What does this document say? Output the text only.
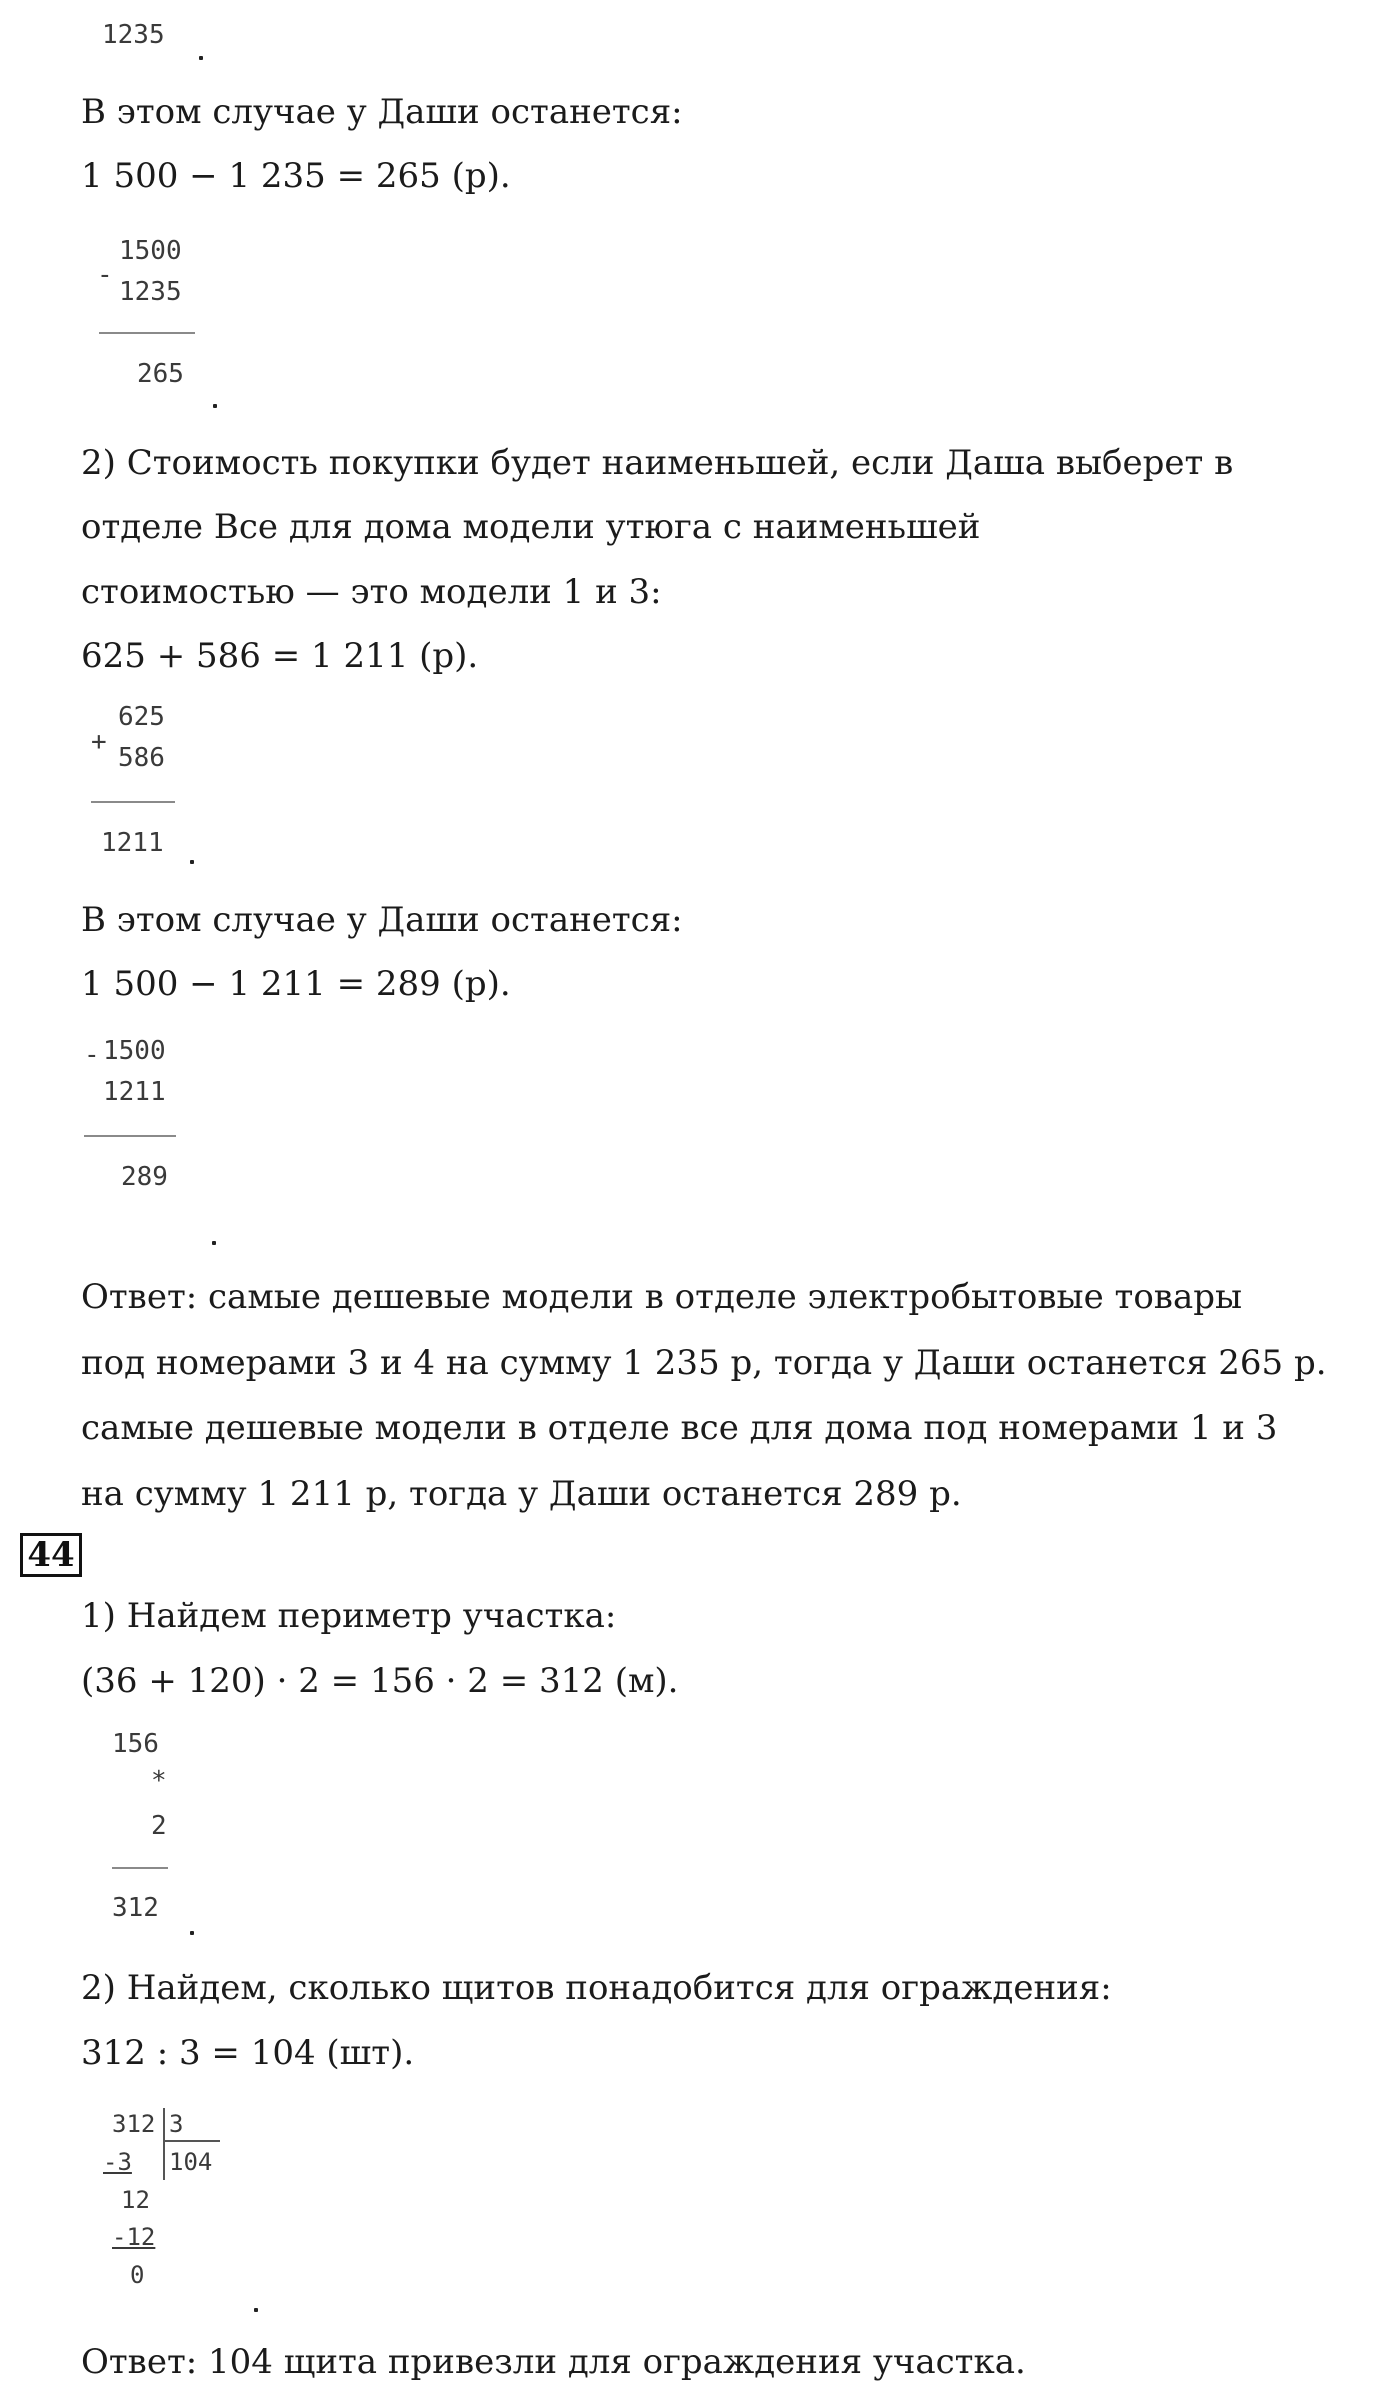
1235
В этом случае у Даши останется:
1 500 − 1 235 = 265 (р).
-
1500
1235
265
2) Стоимость покупки будет наименьшей, если Даша выберет в
отделе Все для дома модели утюга с наименьшей
стоимостью — это модели 1 и 3:
625 + 586 = 1 211 (р).
+
625
586
1211
В этом случае у Даши останется:
1 500 − 1 211 = 289 (р).
- 1500
1211
289
Ответ: самые дешевые модели в отделе электробытовые товары
под номерами 3 и 4 на сумму 1 235 р, тогда у Даши останется 265 р.
самые дешевые модели в отделе все для дома под номерами 1 и 3
на сумму 1 211 р, тогда у Даши останется 289 р.
44
1) Найдем периметр участка:
(36 + 120) · 2 = 156 · 2 = 312 (м).
156
*
2
312
2) Найдем, сколько щитов понадобится для ограждения:
312 : 3 = 104 (шт).
312 3
104
-3
12
-12
0
Ответ: 104 щита привезли для ограждения участка.
